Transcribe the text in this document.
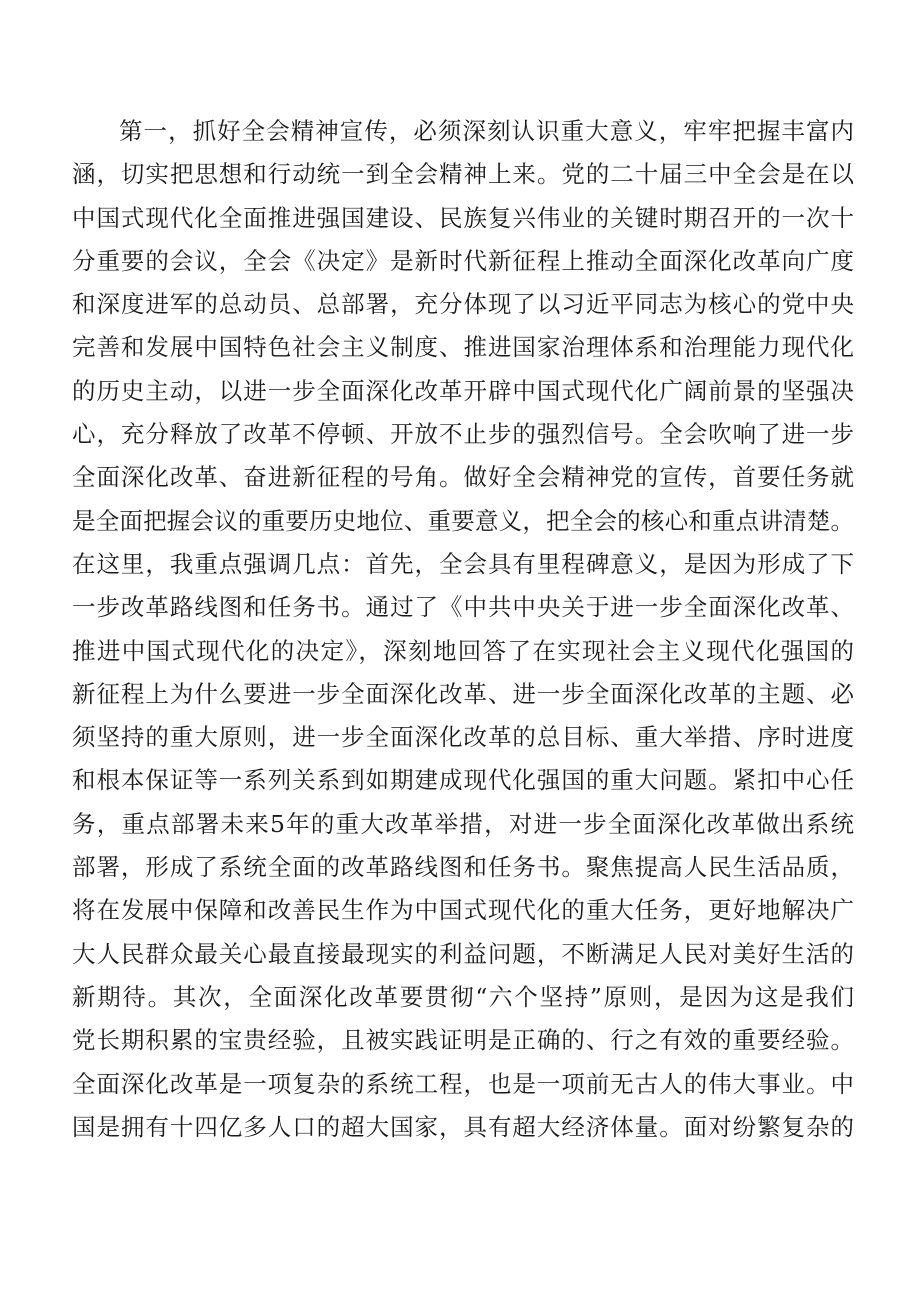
第一，抓好全会精神宣传，必须深刻认识重大意义，牢牢把握丰富内
涵，切实把思想和行动统一到全会精神上来。党的二十届三中全会是在以
中国式现代化全面推进强国建设、民族复兴伟业的关键时期召开的一次十
分重要的会议，全会《决定》是新时代新征程上推动全面深化改革向广度
和深度进军的总动员、总部署，充分体现了以习近平同志为核心的党中央
完善和发展中国特色社会主义制度、推进国家治理体系和治理能力现代化
的历史主动，以进一步全面深化改革开辟中国式现代化广阔前景的坚强决
心，充分释放了改革不停顿、开放不止步的强烈信号。全会吹响了进一步
全面深化改革、奋进新征程的号角。做好全会精神党的宣传，首要任务就
是全面把握会议的重要历史地位、重要意义，把全会的核心和重点讲清楚。
在这里，我重点强调几点：首先，全会具有里程碑意义，是因为形成了下
一步改革路线图和任务书。通过了《中共中央关于进一步全面深化改革、
推进中国式现代化的决定》，深刻地回答了在实现社会主义现代化强国的
新征程上为什么要进一步全面深化改革、进一步全面深化改革的主题、必
须坚持的重大原则，进一步全面深化改革的总目标、重大举措、序时进度
和根本保证等一系列关系到如期建成现代化强国的重大问题。紧扣中心任
务，重点部署未来5年的重大改革举措，对进一步全面深化改革做出系统
部署，形成了系统全面的改革路线图和任务书。聚焦提高人民生活品质，
将在发展中保障和改善民生作为中国式现代化的重大任务，更好地解决广
大人民群众最关心最直接最现实的利益问题，不断满足人民对美好生活的
新期待。其次，全面深化改革要贯彻“六个坚持”原则，是因为这是我们
党长期积累的宝贵经验，且被实践证明是正确的、行之有效的重要经验。
全面深化改革是一项复杂的系统工程，也是一项前无古人的伟大事业。中
国是拥有十四亿多人口的超大国家，具有超大经济体量。面对纷繁复杂的
